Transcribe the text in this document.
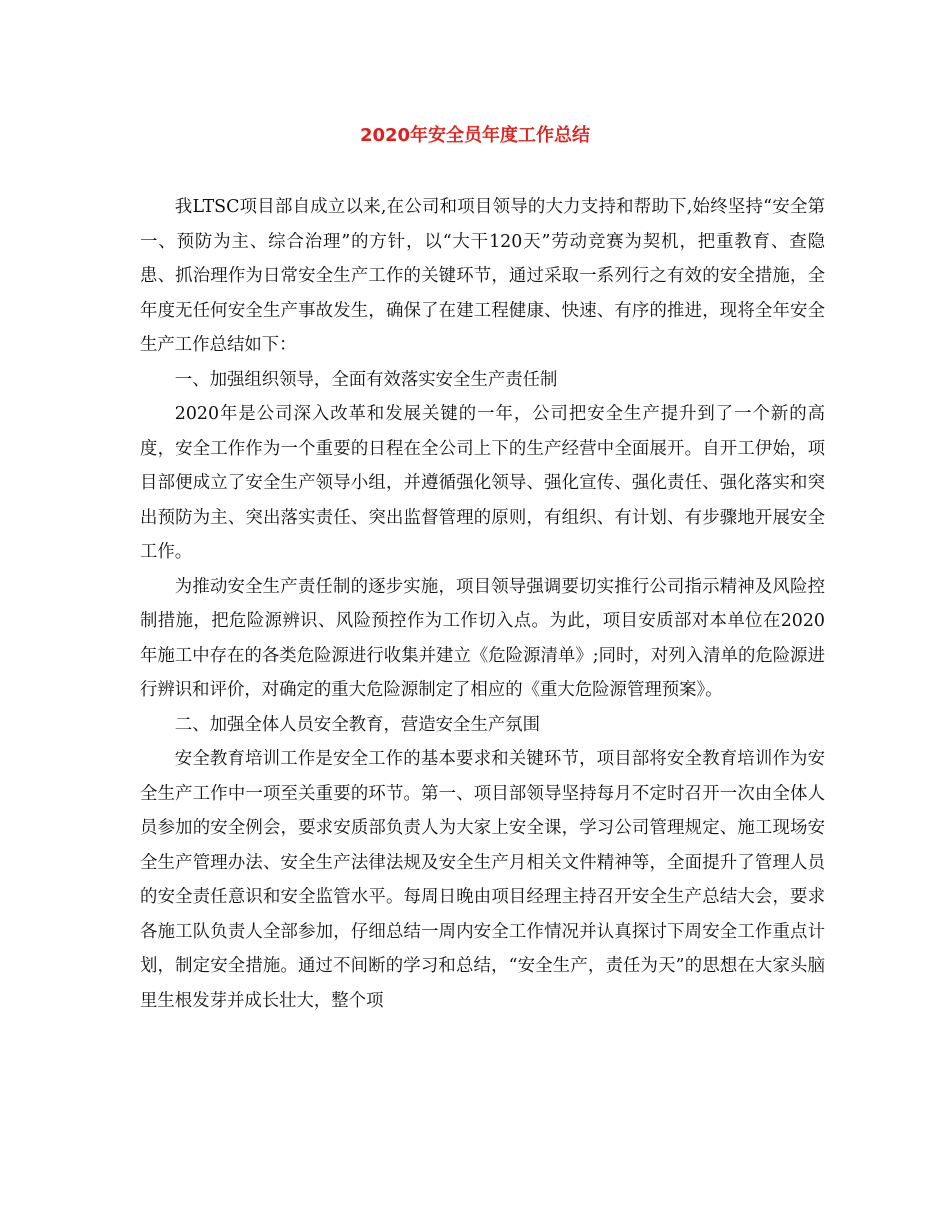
2020年安全员年度工作总结

我LTSC项目部自成立以来,在公司和项目领导的大力支持和帮助下,始终坚持“安全第一、预防为主、综合治理”的方针，以“大干120天”劳动竞赛为契机，把重教育、查隐患、抓治理作为日常安全生产工作的关键环节，通过采取一系列行之有效的安全措施，全年度无任何安全生产事故发生，确保了在建工程健康、快速、有序的推进，现将全年安全生产工作总结如下：

一、加强组织领导，全面有效落实安全生产责任制

2020年是公司深入改革和发展关键的一年，公司把安全生产提升到了一个新的高度，安全工作作为一个重要的日程在全公司上下的生产经营中全面展开。自开工伊始，项目部便成立了安全生产领导小组，并遵循强化领导、强化宣传、强化责任、强化落实和突出预防为主、突出落实责任、突出监督管理的原则，有组织、有计划、有步骤地开展安全工作。

为推动安全生产责任制的逐步实施，项目领导强调要切实推行公司指示精神及风险控制措施，把危险源辨识、风险预控作为工作切入点。为此，项目安质部对本单位在2020年施工中存在的各类危险源进行收集并建立《危险源清单》;同时，对列入清单的危险源进行辨识和评价，对确定的重大危险源制定了相应的《重大危险源管理预案》。

二、加强全体人员安全教育，营造安全生产氛围

安全教育培训工作是安全工作的基本要求和关键环节，项目部将安全教育培训作为安全生产工作中一项至关重要的环节。第一、项目部领导坚持每月不定时召开一次由全体人员参加的安全例会，要求安质部负责人为大家上安全课，学习公司管理规定、施工现场安全生产管理办法、安全生产法律法规及安全生产月相关文件精神等，全面提升了管理人员的安全责任意识和安全监管水平。每周日晚由项目经理主持召开安全生产总结大会，要求各施工队负责人全部参加，仔细总结一周内安全工作情况并认真探讨下周安全工作重点计划，制定安全措施。通过不间断的学习和总结，“安全生产，责任为天”的思想在大家头脑里生根发芽并成长壮大，整个项
